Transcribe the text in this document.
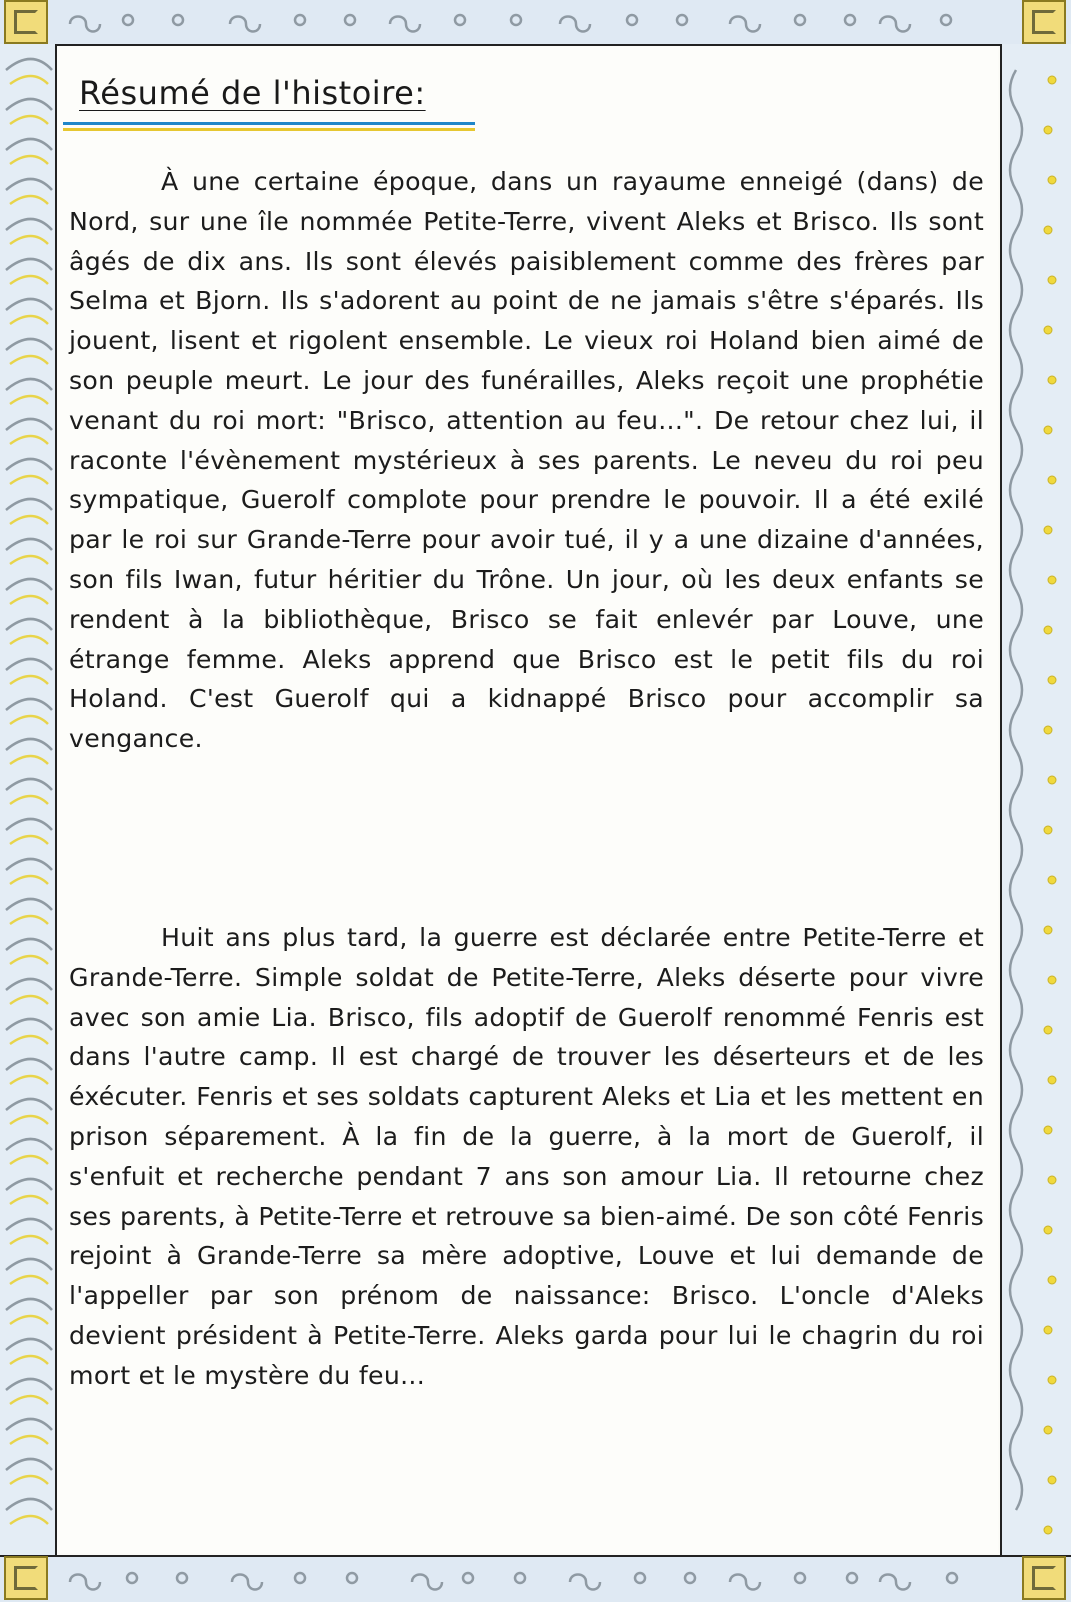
Résumé de l'histoire:

À une certaine époque, dans un rayaume enneigé (dans) de Nord, sur une île nommée Petite-Terre, vivent Aleks et Brisco. Ils sont âgés de dix ans. Ils sont élevés paisiblement comme des frères par Selma et Bjorn. Ils s'adorent au point de ne jamais s'être s'éparés. Ils jouent, lisent et rigolent ensemble. Le vieux roi Holand bien aimé de son peuple meurt. Le jour des funérailles, Aleks reçoit une prophétie venant du roi mort: "Brisco, attention au feu...". De retour chez lui, il raconte l'évènement mystérieux à ses parents. Le neveu du roi peu sympatique, Guerolf complote pour prendre le pouvoir. Il a été exilé par le roi sur Grande-Terre pour avoir tué, il y a une dizaine d'années, son fils Iwan, futur héritier du Trône. Un jour, où les deux enfants se rendent à la bibliothèque, Brisco se fait enlevér par Louve, une étrange femme. Aleks apprend que Brisco est le petit fils du roi Holand. C'est Guerolf qui a kidnappé Brisco pour accomplir sa vengance.

Huit ans plus tard, la guerre est déclarée entre Petite-Terre et Grande-Terre. Simple soldat de Petite-Terre, Aleks déserte pour vivre avec son amie Lia. Brisco, fils adoptif de Guerolf renommé Fenris est dans l'autre camp. Il est chargé de trouver les déserteurs et de les éxécuter. Fenris et ses soldats capturent Aleks et Lia et les mettent en prison séparement. À la fin de la guerre, à la mort de Guerolf, il s'enfuit et recherche pendant 7 ans son amour Lia. Il retourne chez ses parents, à Petite-Terre et retrouve sa bien-aimé. De son côté Fenris rejoint à Grande-Terre sa mère adoptive, Louve et lui demande de l'appeller par son prénom de naissance: Brisco. L'oncle d'Aleks devient président à Petite-Terre. Aleks garda pour lui le chagrin du roi mort et le mystère du feu...
